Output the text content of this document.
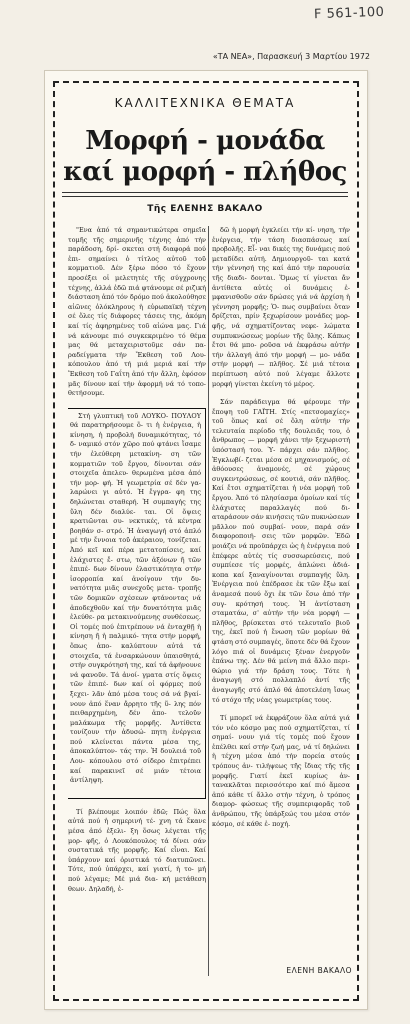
F 561-100
«ΤΑ ΝΕΑ», Παρασκευή 3 Μαρτίου 1972
ΚΑΛΛΙΤΕΧΝΙΚΑ ΘΕΜΑΤΑ
Μορφή - μονάδα
καί μορφή - πλήθος
Τῆς ΕΛΕΝΗΣ ΒΑΚΑΛΟ

"Ενα ἀπό τά σημαντικώτερα σημεῖα τομῆς τῆς σημερινῆς τέχνης ἀπό τήν παράδοση, δρί- σκεται στή διαφορά πού ἐπι- σημαίνει ὁ τίτλος αὐτοῦ τοῦ κομματιοῦ. Δέν ξέρω πόσο τό ἔχουν προσέξει οἱ μελετητές τῆς σύγχρονης τέχνης, ἀλλά ἐδῶ πιά φτάνουμε σέ ριζική διάσταση ἀπό τόν δρόμο πού ἀκολούθησε αἰῶνες ὁλόκληρους ἡ εὐρωπαϊκή τέχνη σέ ὅλες τίς διάφορες τάσεις της, ἀκόμη καί τίς ἀφηρημένες τοῦ αἰώνα μας. Γιά νά κάνουμε πιό συγκεκριμένο τό θέμα μας θά μεταχειριστοῦμε σάν πα- ραδείγματα τήν Ἔκθεση τοῦ Λου- κόπουλου ἀπό τή μιά μεριά καί τήν Ἔκθεση τοῦ Γαΐτη ἀπό τήν ἄλλη, ἐφόσον μᾶς δίνουν καί τήν ἀφορμή νά τό τοπο- θετήσουμε.

Στή γλυπτική τοῦ ΛΟΥΚΟ- ΠΟΥΛΟΥ θά παρατηρήσουμε ὅ- τι ἡ ἐνέργεια, ἡ κίνηση, ἡ προβολή δυναμικότητας, τό δ- ναμικό στόν χῶρο πού φτάνει ἴσαμε τήν ἐλεύθερη μετακίνη- ση τῶν κομματιῶν τοῦ ἔργου, δίνονται σάν στοιχεῖα ἀπελευ- θερωμένα μέσα ἀπό τήν μορ- φή. Ἡ γεωμετρία σέ δέν γα- λαρώνει γι αὐτό. Ἡ ἔγγρα- φη της δηλώνεται σταθερή. Ἡ συμπαγής της ὕλη δέν διαλύε- ται. Οἱ ὄψεις κρατιῶνται συ- νεκτικές, τά κέντρα βοηθάν σ- στρό. Ἡ ἀναγωγή στό ἀπλό μέ τήν ἔννοια τοῦ ἀκέραιου, τονίζεται. Ἀπό κεῖ καί πέρα μετατοπίσεις, καί ἐλάχιστες ἔ- στω, τῶν ἀξόνων ἤ τῶν ἐπιπέ- δων δίνουν ἐλαστικότητα στήν ἰσορροπία καί ἀνοίγουν τήν δυ- νατότητα μιᾶς συνεχοῦς μετα- τροπῆς τῶν δομικῶν σχέσεων φτάνοντας νά ἀποδεχθοῦν καί τήν δυνατότητα μιᾶς ἐλεύθε- ρα μετακινούμενης συνθέσεως. Οἱ τομές πού ἐπιτρέπουν νά ἐνταχθῇ ἡ κίνηση ἤ ἡ παλμικό- τητα στήν μορφή, ὅπως ἀπο- καλύπτουν αὐτά τά στοιχεῖα, τά ἐνσαρκώνουν ὑπαισθητά, στήν συγκρότησή της, καί τά ἀφήνουνε νά φανοῦν. Τά ἀνοί- γματα στίς ὄψεις τῶν ἐπιπέ- δων καί οἱ φόρμες πού ξεχει- λᾶν ἀπό μέσα τους σά νά βγαί- νουν ἀπό ἕναν ἄρρητο τῆς ὕ- λης πόν πειθαρχημένη, δέν ἀπο- τελοῦν μαλάκωμα τῆς μορφῆς. Ἀντίθετα τονίζουν τήν ἀδυσώ- πητη ἐνέργεια πού κλείνεται πάντα μέσα της, ἀποκαλύπτον- τάς την. Ἡ δουλειά τοῦ Λου- κόπουλου στό σίδερο ἐπιτρέπει καί παρακινεῖ σέ μιάν τέτοια ἀντίληψη.

Τί βλέπουμε λοιπόν ἐδῶ; Πώς ὅλα αὐτά πού ἡ σημερινή τέ- χνη τά ἔκανε μέσα ἀπό ἐξελι- ξη ὅσως λέγεται τῆς μορ- φῆς, ὁ Λουκόπουλος τά δίνει σάν συστατικά τῆς μορφῆς. Καί εἶναι. Καί ὑπάρχουν καί ὁριστικά τό διατυπῶνει. Τότε, πού ὑπάρχει, καί γιατί, ἡ το- μή πού λέγαμε; Μέ μιά δια- κή μετάθεση θεων. Δηλαδή, ἐ-

δῶ ἡ μορφή ἐγκλείει τήν κί- νηση, τήν ἐνέργεια, τήν τάση διασπάσεως καί προβολῆς. Εἶ- ναι δικές της δυνάμεις πού μεταδίδει αὐτή. Δημιουργοῦ- ται κατά τήν γέννησή της καί ἀπό τήν παρουσία τῆς διαδι- δονται. Ὅμως τί γίνεται ἄν ἀντίθετα αὐτές οἱ δυνάμεις ἐ- μφανισθοῦν σάν δρώσες γιά νά ἀρχίση ἡ γέννηση μορφῆς; Ὁ- πως συμβαίνει ὅταν δρίζεται, πρίν ξεχωρίσουν μονάδες μορ- φῆς, νά σχηματίζοντας νεφε- λώματα συμπυκνώσεως μορίων τῆς ὕλης. Κάπως ἔτσι θά μπο- ροῦσα νά ἐκφράσω αὐτήν τήν ἀλλαγή ἀπό τήν μορφή — μο- νάδα στήν μορφή — πλῆθος. Σέ μιά τέτοια περίπτωση αὐτό πού λέγαμε ἄλλοτε μορφή γίνεται ἐκείνη τό μέρος.

Σάν παράδειγμα θά φέρουμε τήν ἔποψη τοῦ ΓΑΪΤΗ. Στίς «πετσομαχίες» τοῦ ὅπως καί σέ ὅλη αὐτήν τήν τελευταία περίοδο τῆς δουλειᾶς του, ὁ ἄνθρωπος — μορφή χάνει τήν ξεχωριστή ὑπόστασή του. Ὑ- πάρχει σάν πλῆθος. Ἐγκλωβί- ζεται μέσα σέ μηχανισμούς, σέ ἀθόουσες ἀναμονές, σέ χώρους συγκεντρώσεως, σέ κουτιά, σάν πλῆθος. Καί ἔτσι σχηματίζεται ἡ νέα μορφή τοῦ ἔργου. Ἀπό τό πλησίασμα ὁμοίων καί τίς ἐλάχιστες παραλλαγές πού δι- αταράσουν σάν κινήσεις τῶν πυκνώσεων μᾶλλον πού συμβαί- νουν, παρά σάν διαφοροποιή- σεις τῶν μορφῶν. Ἐδῶ μοιάζει νά προϋπάρχει ὡς ἡ ἐνέργεια πού ἐπέφερε αὐτές τίς συσσωρεύσεις, πού συμπίεσε τίς μορφές, ἀπλώνει ἀδιά- κοπα καί ξαναγίνονται συμπαγής ὕλη. Ἐνέργεια πού ἐπέδρασε ἐκ τῶν ἔξω καί ἀναμεσά πουύ ὄχι ἐκ τῶν ἔσω ἀπό τήν συγ- κρότησή τους. Ἡ ἀντίσταση σταματάω, σ' αὐτήν τήν νέα μορφή — πλῆθος, βρίσκεται στό τελευταῖο βιοῦ της, ἐκεῖ πού ἡ ἔνωση τῶν μορίων θά φτάση στό συμπαγές, ὅποτε δέν θά ἔχουν λόγο πιά οἱ δυνάμεις ξέναν ἐνεργοῦν ἐπάνω της. Δέν θά μείνη πιά ἄλλο περι- θώριο γιά τήν δράση τους. Τότε ἡ ἀναγωγή στό πολλαπλό ἀντί τῆς ἀναγωγῆς στό ἀπλό θά ἀποτελέση ἴσως τό στόχο τῆς νέας γεωμετρίας τους.

Τί μπορεῖ νά ἐκφράζουν ὅλα αὐτά γιά τόν νέο κόσμο μας πού σχηματίζεται, τί σημαί- νουν γιά τίς τομές πού ἔχουν ἐπέλθει καί στήν ζωή μας, νά τί δηλώνει ἡ τέχνη μέσα ἀπό τήν πορεία στούς τρόπους ἀν- τιλήψεως τῆς ἴδιας τῆς τῆς μορφῆς. Γιατί ἐκεῖ κυρίως ἀν- τανακλᾶται περισσότερο καί πιό ἄμεσα ἀπό κάθε τί ἄλλο στήν τέχνη, ὁ τρόπος διαμορ- φώσεως τῆς συμπεριφορᾶς τοῦ ἀνθρώπου, τῆς ὑπάρξεώς του μέσα στόν κόσμο, σέ κάθε ἐ- ποχή.

ΕΛΕΝΗ ΒΑΚΑΛΟ
